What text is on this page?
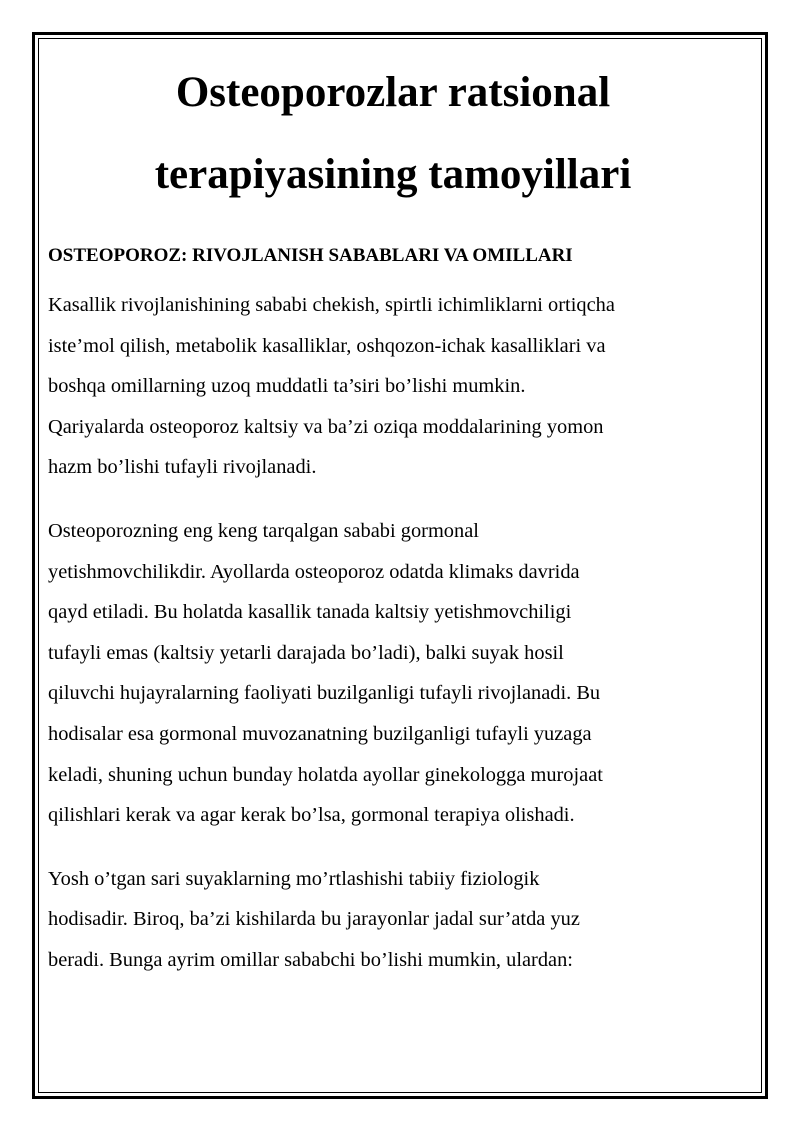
Osteoporozlar ratsional
terapiyasining tamoyillari
OSTEOPOROZ: RIVOJLANISH SABABLARI VA OMILLARI

Kasallik rivojlanishining sababi chekish, spirtli ichimliklarni ortiqcha
iste’mol qilish, metabolik kasalliklar, oshqozon-ichak kasalliklari va
boshqa omillarning uzoq muddatli ta’siri bo’lishi mumkin.
Qariyalarda osteoporoz kaltsiy va ba’zi oziqa moddalarining yomon
hazm bo’lishi tufayli rivojlanadi.

Osteoporozning eng keng tarqalgan sababi gormonal
yetishmovchilikdir. Ayollarda osteoporoz odatda klimaks davrida
qayd etiladi. Bu holatda kasallik tanada kaltsiy yetishmovchiligi
tufayli emas (kaltsiy yetarli darajada bo’ladi), balki suyak hosil
qiluvchi hujayralarning faoliyati buzilganligi tufayli rivojlanadi. Bu
hodisalar esa gormonal muvozanatning buzilganligi tufayli yuzaga
keladi, shuning uchun bunday holatda ayollar ginekologga murojaat
qilishlari kerak va agar kerak bo’lsa, gormonal terapiya olishadi.

Yosh o’tgan sari suyaklarning mo’rtlashishi tabiiy fiziologik
hodisadir. Biroq, ba’zi kishilarda bu jarayonlar jadal sur’atda yuz
beradi. Bunga ayrim omillar sababchi bo’lishi mumkin, ulardan:
